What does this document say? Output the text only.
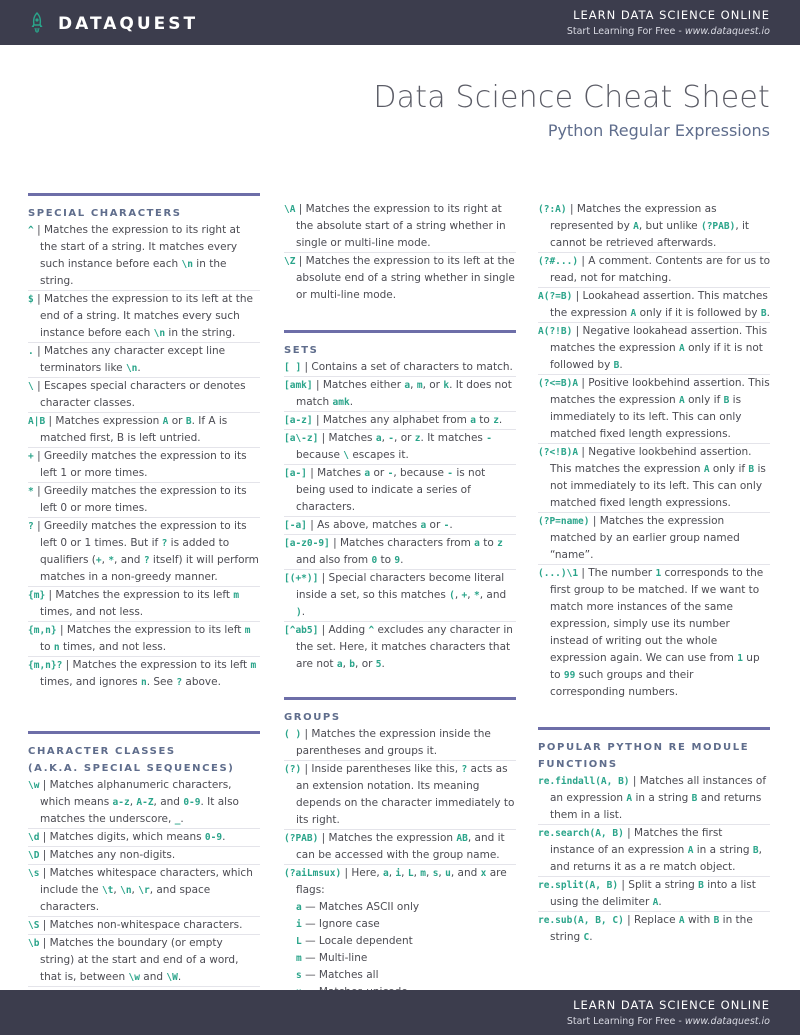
DATAQUEST	LEARN DATA SCIENCE ONLINE
Start Learning For Free - www.dataquest.io
Data Science Cheat Sheet
Python Regular Expressions
SPECIAL CHARACTERS
^ | Matches the expression to its right at the start of a string. It matches every such instance before each \n in the string.
$ | Matches the expression to its left at the end of a string. It matches every such instance before each \n in the string.
. | Matches any character except line terminators like \n.
\ | Escapes special characters or denotes character classes.
A|B | Matches expression A or B. If A is matched first, B is left untried.
+ | Greedily matches the expression to its left 1 or more times.
* | Greedily matches the expression to its left 0 or more times.
? | Greedily matches the expression to its left 0 or 1 times. But if ? is added to qualifiers (+, *, and ? itself) it will perform matches in a non-greedy manner.
{m} | Matches the expression to its left m times, and not less.
{m,n} | Matches the expression to its left m to n times, and not less.
{m,n}? | Matches the expression to its left m times, and ignores n. See ? above.
CHARACTER CLASSES
(A.K.A. SPECIAL SEQUENCES)
\w | Matches alphanumeric characters, which means a-z, A-Z, and 0-9. It also matches the underscore, _.
\d | Matches digits, which means 0-9.
\D | Matches any non-digits.
\s | Matches whitespace characters, which include the \t, \n, \r, and space characters.
\S | Matches non-whitespace characters.
\b | Matches the boundary (or empty string) at the start and end of a word, that is, between \w and \W.
\A | Matches the expression to its right at the absolute start of a string whether in single or multi-line mode.
\Z | Matches the expression to its left at the absolute end of a string whether in single or multi-line mode.
SETS
[ ] | Contains a set of characters to match.
[amk] | Matches either a, m, or k. It does not match amk.
[a-z] | Matches any alphabet from a to z.
[a\-z] | Matches a, -, or z. It matches - because \ escapes it.
[a-] | Matches a or -, because - is not being used to indicate a series of characters.
[-a] | As above, matches a or -.
[a-z0-9] | Matches characters from a to z and also from 0 to 9.
[(+*)] | Special characters become literal inside a set, so this matches (, +, *, and ).
[^ab5] | Adding ^ excludes any character in the set. Here, it matches characters that are not a, b, or 5.
GROUPS
( ) | Matches the expression inside the parentheses and groups it.
(?) | Inside parentheses like this, ? acts as an extension notation. Its meaning depends on the character immediately to its right.
(?PAB) | Matches the expression AB, and it can be accessed with the group name.
(?aiLmsux) | Here, a, i, L, m, s, u, and x are flags:
a — Matches ASCII only
i — Ignore case
L — Locale dependent
m — Multi-line
s — Matches all
(?:A) | Matches the expression as represented by A, but unlike (?PAB), it cannot be retrieved afterwards.
(?#...) | A comment. Contents are for us to read, not for matching.
A(?=B) | Lookahead assertion. This matches the expression A only if it is followed by B.
A(?!B) | Negative lookahead assertion. This matches the expression A only if it is not followed by B.
(?<=B)A | Positive lookbehind assertion. This matches the expression A only if B is immediately to its left. This can only matched fixed length expressions.
(?<!B)A | Negative lookbehind assertion. This matches the expression A only if B is not immediately to its left. This can only matched fixed length expressions.
(?P=name) | Matches the expression matched by an earlier group named “name”.
(...)\1 | The number 1 corresponds to the first group to be matched. If we want to match more instances of the same expression, simply use its number instead of writing out the whole expression again. We can use from 1 up to 99 such groups and their corresponding numbers.
POPULAR PYTHON RE MODULE
FUNCTIONS
re.findall(A, B) | Matches all instances of an expression A in a string B and returns them in a list.
re.search(A, B) | Matches the first instance of an expression A in a string B, and returns it as a re match object.
re.split(A, B) | Split a string B into a list using the delimiter A.
re.sub(A, B, C) | Replace A with B in the string C.
LEARN DATA SCIENCE ONLINE
Start Learning For Free - www.dataquest.io
